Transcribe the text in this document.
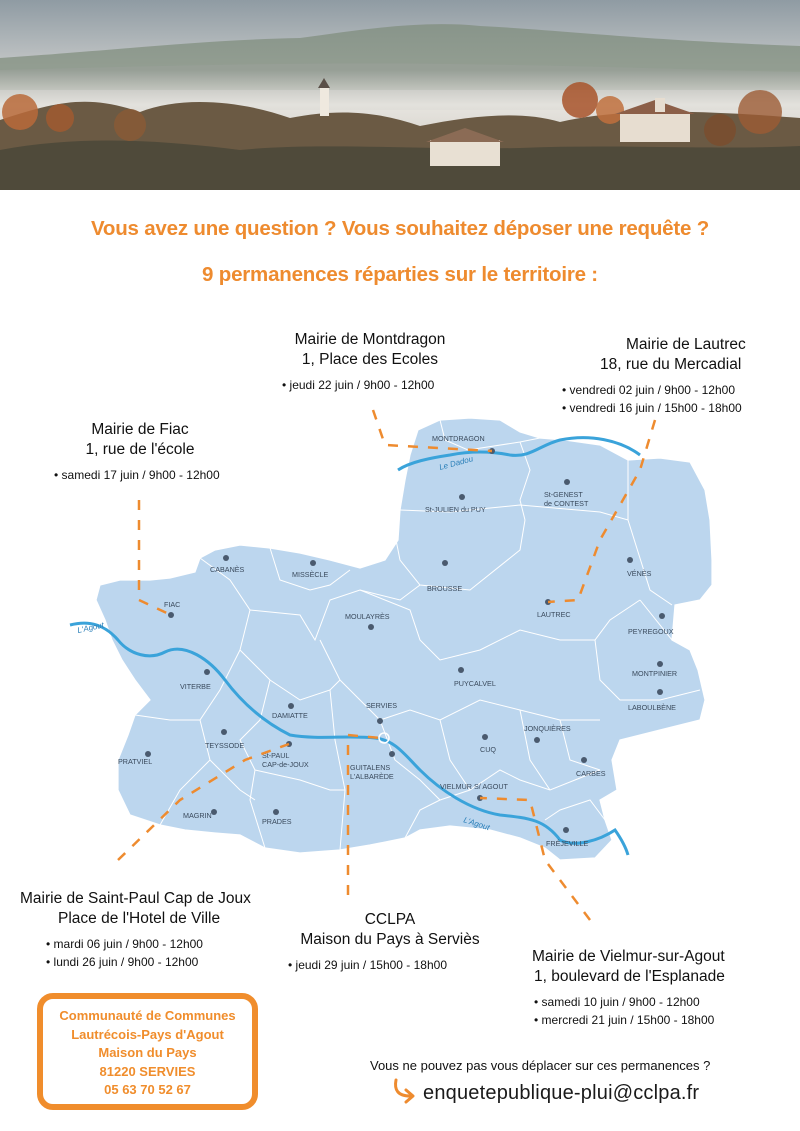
Vous avez une question ? Vous souhaitez déposer une requête ?
9 permanences réparties sur le territoire :
Le Dadou
L'Agout
L'Agout
MONTDRAGON
St-GENEST de CONTEST
St-JULIEN du PUY
CABANÈS
MISSÈCLE
FIAC
BROUSSE
VÉNÈS
MOULAYRÈS	LAUTREC
PEYREGOUX
VITERBE	PUYCALVEL
MONTPINIER
LABOULBÈNE
DAMIATTE
SERVIES
TEYSSODE
St-PAUL CAP-de-JOUX
CUQ
JONQUIÈRES
PRATVIEL
GUITALENS L'ALBARÈDE	CARBES
VIELMUR S/ AGOUT
MAGRIN
PRADES
FRÉJEVILLE
Mairie de Montdragon
1, Place des Ecoles
• jeudi 22 juin / 9h00 - 12h00
Mairie de Lautrec
18, rue du Mercadial
• vendredi 02 juin / 9h00 - 12h00
• vendredi 16 juin / 15h00 - 18h00
Mairie de Fiac
1, rue de l'école
• samedi 17 juin / 9h00 - 12h00
Mairie de Saint-Paul Cap de Joux
Place de l'Hotel de Ville
• mardi 06 juin / 9h00 - 12h00
• lundi 26 juin / 9h00 - 12h00
CCLPA
Maison du Pays à Serviès
• jeudi 29 juin / 15h00 - 18h00	Mairie de Vielmur-sur-Agout
1, boulevard de l'Esplanade
• samedi 10 juin / 9h00 - 12h00
• mercredi 21 juin / 15h00 - 18h00
Communauté de Communes
Lautrécois-Pays d'Agout
Maison du Pays
81220 SERVIES
05 63 70 52 67
Vous ne pouvez pas vous déplacer sur ces permanences ?
enquetepublique-plui@cclpa.fr
